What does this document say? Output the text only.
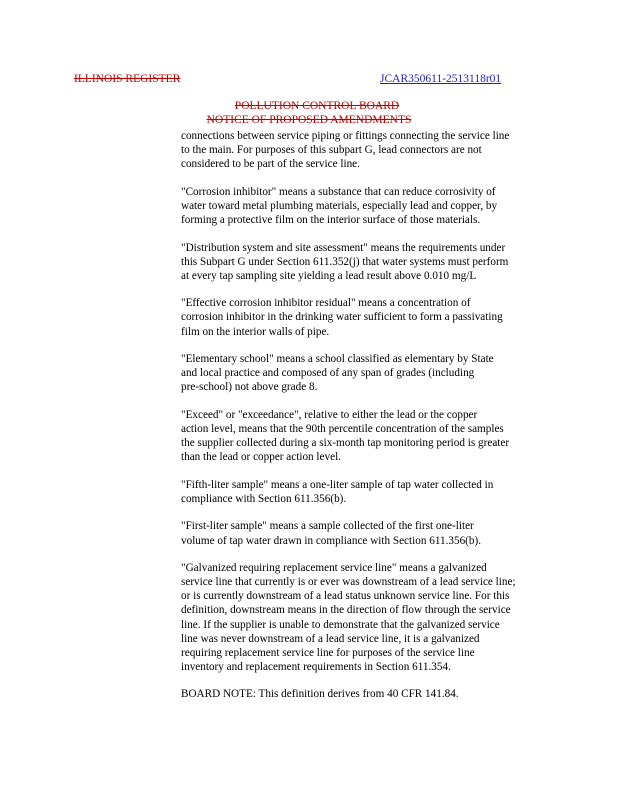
ILLINOIS REGISTER	JCAR350611-2513118r01
POLLUTION CONTROL BOARD
NOTICE OF PROPOSED AMENDMENTS

connections between service piping or fittings connecting the service line
to the main. For purposes of this subpart G, lead connectors are not
considered to be part of the service line.

"Corrosion inhibitor" means a substance that can reduce corrosivity of
water toward metal plumbing materials, especially lead and copper, by
forming a protective film on the interior surface of those materials.

"Distribution system and site assessment" means the requirements under
this Subpart G under Section 611.352(j) that water systems must perform
at every tap sampling site yielding a lead result above 0.010 mg/L

"Effective corrosion inhibitor residual" means a concentration of
corrosion inhibitor in the drinking water sufficient to form a passivating
film on the interior walls of pipe.

"Elementary school" means a school classified as elementary by State
and local practice and composed of any span of grades (including
pre-school) not above grade 8.

"Exceed" or "exceedance", relative to either the lead or the copper
action level, means that the 90th percentile concentration of the samples
the supplier collected during a six-month tap monitoring period is greater
than the lead or copper action level.

"Fifth-liter sample" means a one-liter sample of tap water collected in
compliance with Section 611.356(b).

"First-liter sample" means a sample collected of the first one-liter
volume of tap water drawn in compliance with Section 611.356(b).

"Galvanized requiring replacement service line" means a galvanized
service line that currently is or ever was downstream of a lead service line;
or is currently downstream of a lead status unknown service line. For this
definition, downstream means in the direction of flow through the service
line. If the supplier is unable to demonstrate that the galvanized service
line was never downstream of a lead service line, it is a galvanized
requiring replacement service line for purposes of the service line
inventory and replacement requirements in Section 611.354.

BOARD NOTE: This definition derives from 40 CFR 141.84.
